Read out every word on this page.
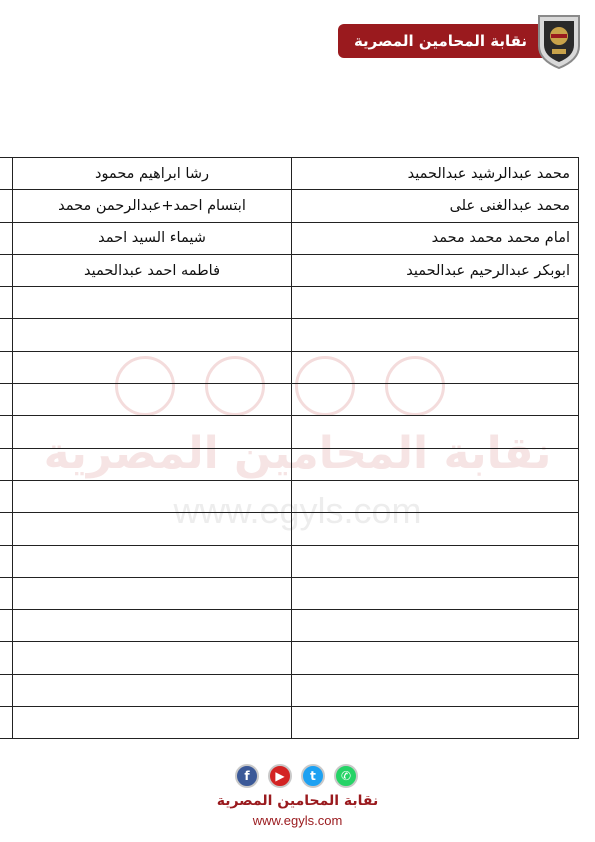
نقابة المحامين المصرية
نقابة المحامين المصرية
www.egyls.com
محمد عبدالرشيد عبدالحميد	رشا ابراهيم محمود	
محمد عبدالغنى على	ابتسام احمد+عبدالرحمن محمد	
امام محمد محمد محمد	شيماء السيد احمد	
ابوبكر عبدالرحيم عبدالحميد	فاطمه احمد عبدالحميد	

f	▶	t	✆
نقابة المحامين المصرية
www.egyls.com
